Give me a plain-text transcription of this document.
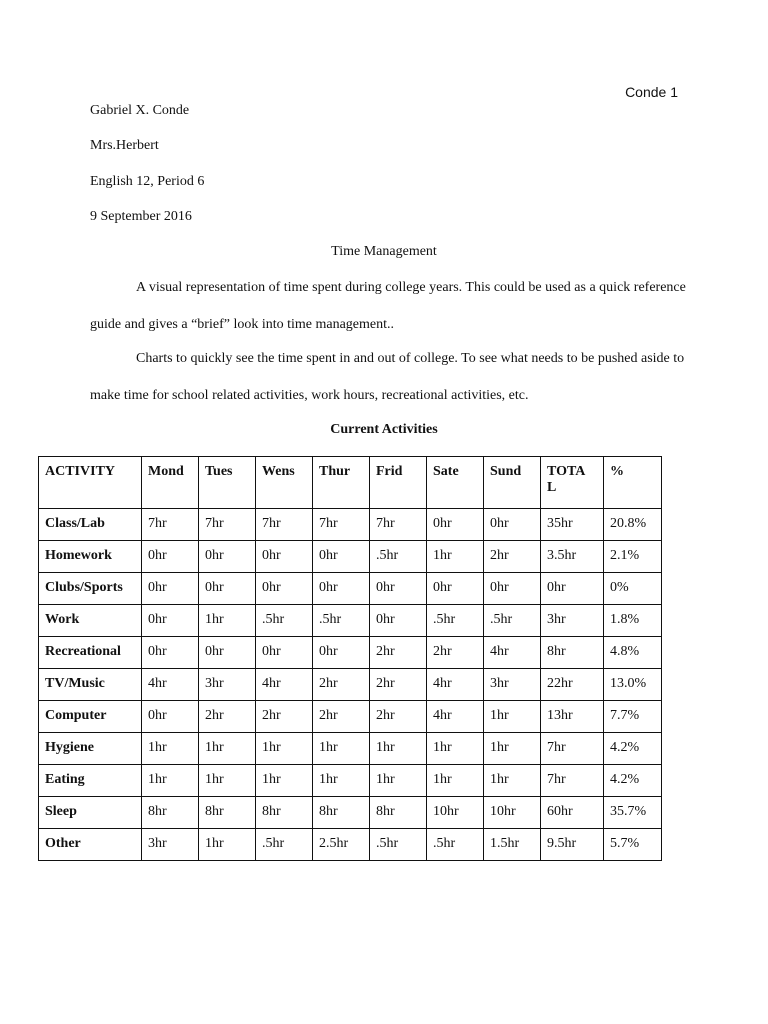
Conde 1
Gabriel X. Conde
Mrs.Herbert
English 12, Period 6
9 September 2016
Time Management
A visual representation of time spent during college years. This could be used as a quick reference guide and gives a “brief” look into time management..
Charts to quickly see the time spent in and out of college. To see what needs to be pushed aside to make time for school related activities, work hours, recreational activities, etc.
Current Activities
ACTIVITY	Mond	Tues	Wens	Thur	Frid	Sate	Sund	TOTA L	%
Class/Lab	7hr	7hr	7hr	7hr	7hr	0hr	0hr	35hr	20.8%
Homework	0hr	0hr	0hr	0hr	.5hr	1hr	2hr	3.5hr	2.1%
Clubs/Sports	0hr	0hr	0hr	0hr	0hr	0hr	0hr	0hr	0%
Work	0hr	1hr	.5hr	.5hr	0hr	.5hr	.5hr	3hr	1.8%
Recreational	0hr	0hr	0hr	0hr	2hr	2hr	4hr	8hr	4.8%
TV/Music	4hr	3hr	4hr	2hr	2hr	4hr	3hr	22hr	13.0%
Computer	0hr	2hr	2hr	2hr	2hr	4hr	1hr	13hr	7.7%
Hygiene	1hr	1hr	1hr	1hr	1hr	1hr	1hr	7hr	4.2%
Eating	1hr	1hr	1hr	1hr	1hr	1hr	1hr	7hr	4.2%
Sleep	8hr	8hr	8hr	8hr	8hr	10hr	10hr	60hr	35.7%
Other	3hr	1hr	.5hr	2.5hr	.5hr	.5hr	1.5hr	9.5hr	5.7%
